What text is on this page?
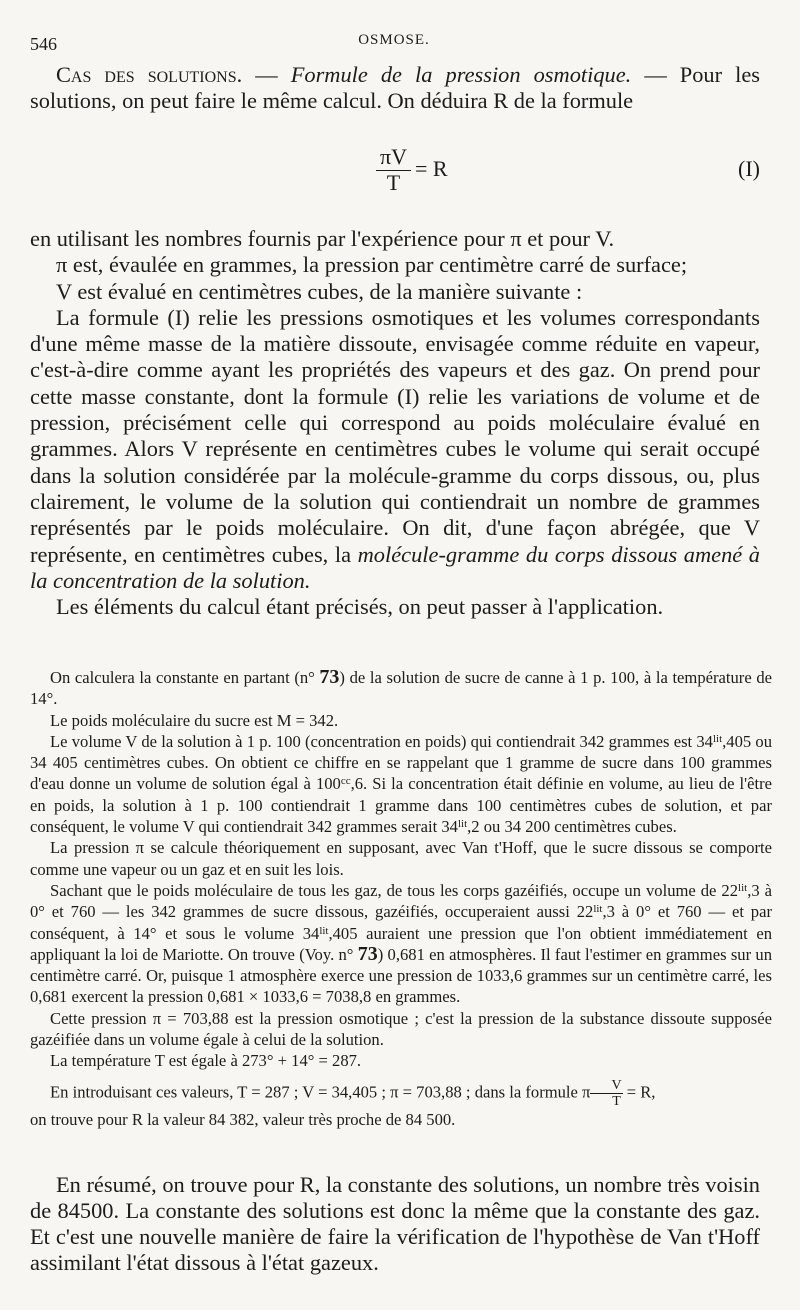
546	OSMOSE.

Cas des solutions. — Formule de la pression osmotique. — Pour les solutions, on peut faire le même calcul. On déduira R de la formule

$\frac{\pi V}{T} = R$	(I)

en utilisant les nombres fournis par l'expérience pour π et pour V.

π est, évaulée en grammes, la pression par centimètre carré de surface;

V est évalué en centimètres cubes, de la manière suivante :

La formule (I) relie les pressions osmotiques et les volumes correspondants d'une même masse de la matière dissoute, envisagée comme réduite en vapeur, c'est-à-dire comme ayant les propriétés des vapeurs et des gaz. On prend pour cette masse constante, dont la formule (I) relie les variations de volume et de pression, précisément celle qui correspond au poids moléculaire évalué en grammes. Alors V représente en centimètres cubes le volume qui serait occupé dans la solution considérée par la molécule-gramme du corps dissous, ou, plus clairement, le volume de la solution qui contiendrait un nombre de grammes représentés par le poids moléculaire. On dit, d'une façon abrégée, que V représente, en centimètres cubes, la molécule-gramme du corps dissous amené à la concentration de la solution.

Les éléments du calcul étant précisés, on peut passer à l'application.

On calculera la constante en partant (n° 73) de la solution de sucre de canne à 1 p. 100, à la température de 14°.

Le poids moléculaire du sucre est M = 342.

Le volume V de la solution à 1 p. 100 (concentration en poids) qui contiendrait 342 grammes est $34^{lit},405$ ou 34 405 centimètres cubes. On obtient ce chiffre en se rappelant que 1 gramme de sucre dans 100 grammes d'eau donne un volume de solution égal à $100^{cc},6$. Si la concentration était définie en volume, au lieu de l'être en poids, la solution à 1 p. 100 contiendrait 1 gramme dans 100 centimètres cubes de solution, et par conséquent, le volume V qui contiendrait 342 grammes serait $34^{lit},2$ ou 34 200 centimètres cubes.

La pression π se calcule théoriquement en supposant, avec Van t'Hoff, que le sucre dissous se comporte comme une vapeur ou un gaz et en suit les lois.

Sachant que le poids moléculaire de tous les gaz, de tous les corps gazéifiés, occupe un volume de $22^{lit},3$ à 0° et 760 — les 342 grammes de sucre dissous, gazéifiés, occuperaient aussi $22^{lit},3$ à 0° et 760 — et par conséquent, à 14° et sous le volume $34^{lit},405$ auraient une pression que l'on obtient immédiatement en appliquant la loi de Mariotte. On trouve (Voy. n° 73) 0,681 en atmosphères. Il faut l'estimer en grammes sur un centimètre carré. Or, puisque 1 atmosphère exerce une pression de 1033,6 grammes sur un centimètre carré, les 0,681 exercent la pression 0,681 × 1033,6 = 7038,8 en grammes.

Cette pression π = 703,88 est la pression osmotique ; c'est la pression de la substance dissoute supposée gazéifiée dans un volume égale à celui de la solution.

La température T est égale à 273° + 14° = 287.

En introduisant ces valeurs, T = 287 ; V = 34,405 ; π = 703,88 ; dans la formule π $\frac{V}{T} = R$,

on trouve pour R la valeur 84 382, valeur très proche de 84 500.

En résumé, on trouve pour R, la constante des solutions, un nombre très voisin de 84500. La constante des solutions est donc la même que la constante des gaz. Et c'est une nouvelle manière de faire la vérification de l'hypothèse de Van t'Hoff assimilant l'état dissous à l'état gazeux.
